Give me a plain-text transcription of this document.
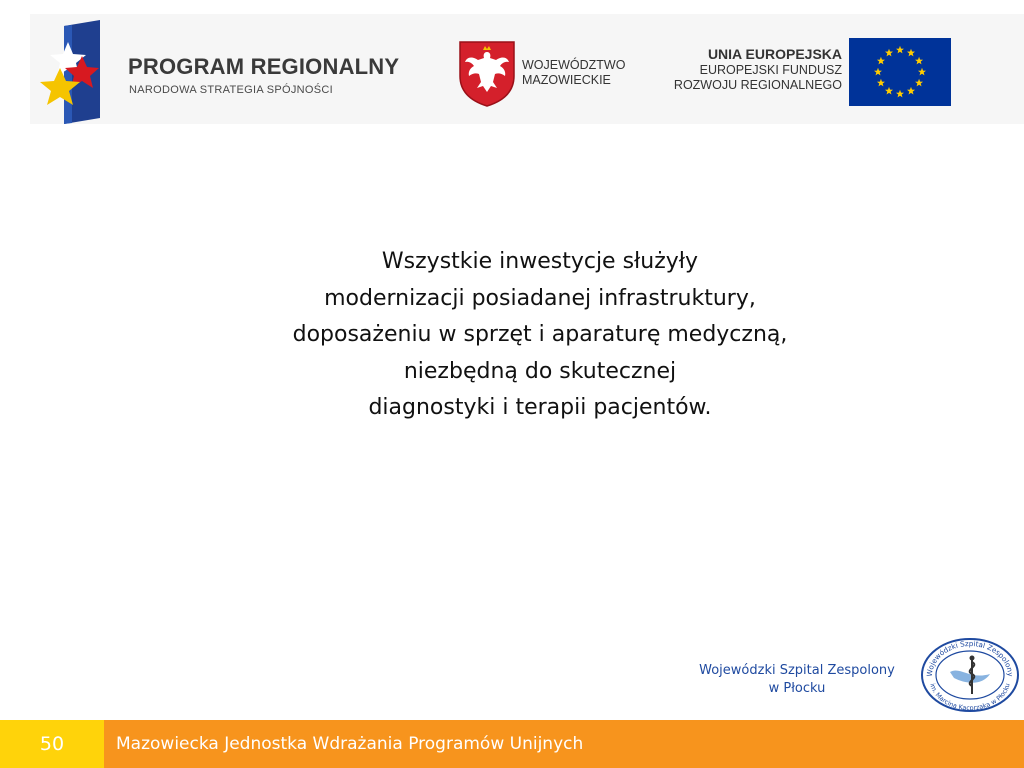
PROGRAM REGIONALNY
NARODOWA STRATEGIA SPÓJNOŚCI
WOJEWÓDZTWO
MAZOWIECKIE
UNIA EUROPEJSKA
EUROPEJSKI FUNDUSZ
ROZWOJU REGIONALNEGO
Wszystkie inwestycje służyły
modernizacji posiadanej infrastruktury,
doposażeniu w sprzęt i aparaturę medyczną,
niezbędną do skutecznej
diagnostyki i terapii pacjentów.
Wojewódzki Szpital Zespolony
w Płocku
Wojewódzki Szpital Zespolony
im. Marcina Kacprzaka w Płocku
50	Mazowiecka Jednostka Wdrażania Programów Unijnych
